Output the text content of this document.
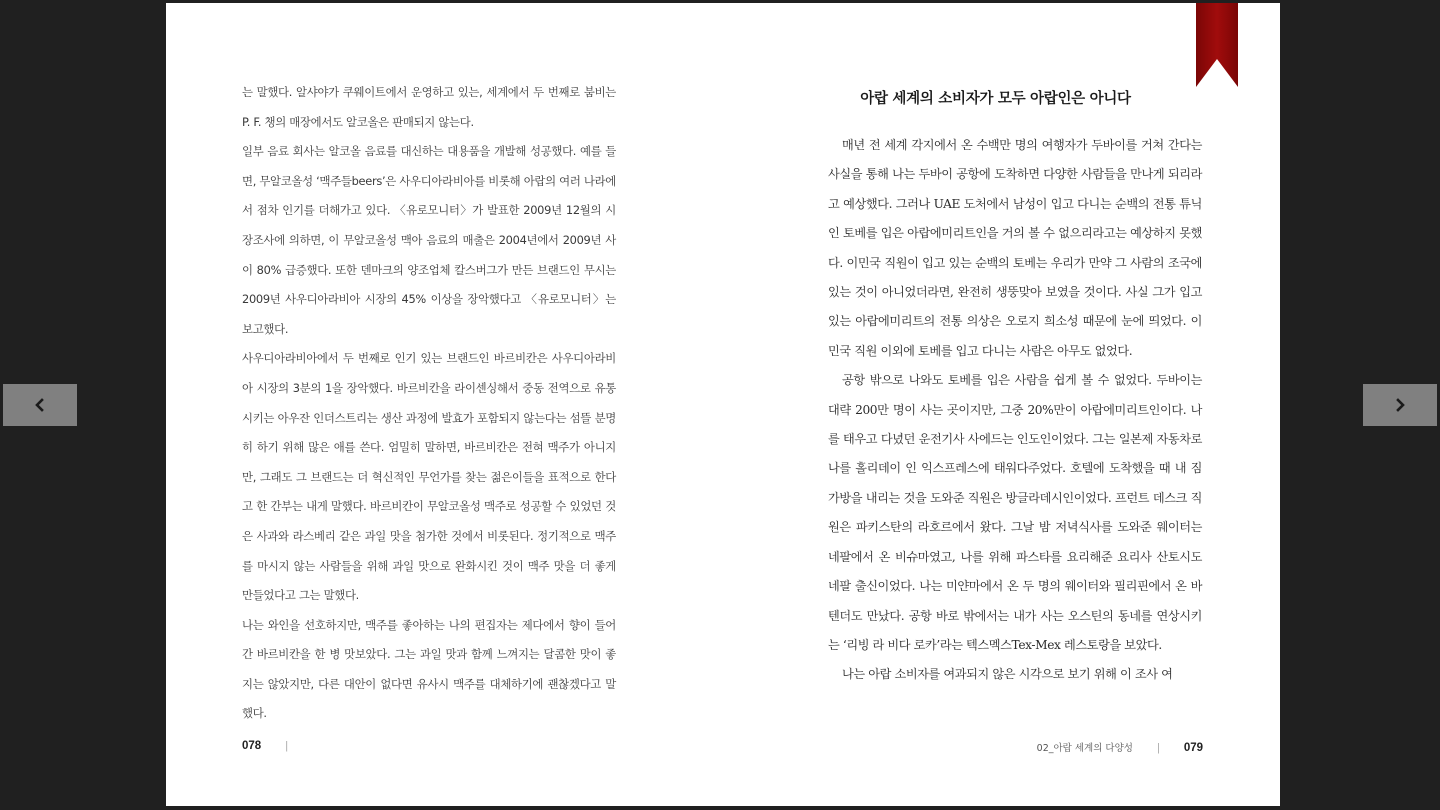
는 말했다. 알샤야가 쿠웨이트에서 운영하고 있는, 세계에서 두 번째로 붐비는 P. F. 챙의 매장에서도 알코올은 판매되지 않는다.

일부 음료 회사는 알코올 음료를 대신하는 대용품을 개발해 성공했다. 예를 들면, 무알코올성 ‘맥주들beers’은 사우디아라비아를 비롯해 아랍의 여러 나라에서 점차 인기를 더해가고 있다. 〈유로모니터〉가 발표한 2009년 12월의 시장조사에 의하면, 이 무알코올성 맥아 음료의 매출은 2004년에서 2009년 사이 80% 급증했다. 또한 덴마크의 양조업체 칼스버그가 만든 브랜드인 무시는 2009년 사우디아라비아 시장의 45% 이상을 장악했다고 〈유로모니터〉는 보고했다.

사우디아라비아에서 두 번째로 인기 있는 브랜드인 바르비칸은 사우디아라비아 시장의 3분의 1을 장악했다. 바르비칸을 라이센싱해서 중동 전역으로 유통시키는 아우잔 인더스트리는 생산 과정에 발효가 포함되지 않는다는 섬뜰 분명히 하기 위해 많은 애를 쓴다. 엄밀히 말하면, 바르비칸은 전혀 맥주가 아니지만, 그래도 그 브랜드는 더 혁신적인 무언가를 찾는 젊은이들을 표적으로 한다고 한 간부는 내게 말했다. 바르비칸이 무알코올성 맥주로 성공할 수 있었던 것은 사과와 라스베리 같은 과일 맛을 첨가한 것에서 비롯된다. 정기적으로 맥주를 마시지 않는 사람들을 위해 과일 맛으로 완화시킨 것이 맥주 맛을 더 좋게 만들었다고 그는 말했다.

나는 와인을 선호하지만, 맥주를 좋아하는 나의 편집자는 제다에서 향이 들어간 바르비칸을 한 병 맛보았다. 그는 과일 맛과 함께 느껴지는 달콤한 맛이 좋지는 않았지만, 다른 대안이 없다면 유사시 맥주를 대체하기에 괜찮겠다고 말했다.

078 |
아랍 세계의 소비자가 모두 아랍인은 아니다

매년 전 세계 각지에서 온 수백만 명의 여행자가 두바이를 거쳐 간다는 사실을 통해 나는 두바이 공항에 도착하면 다양한 사람들을 만나게 되리라고 예상했다. 그러나 UAE 도처에서 남성이 입고 다니는 순백의 전통 튜닉인 토베를 입은 아랍에미리트인을 거의 볼 수 없으리라고는 예상하지 못했다. 이민국 직원이 입고 있는 순백의 토베는 우리가 만약 그 사람의 조국에 있는 것이 아니었더라면, 완전히 생뚱맞아 보였을 것이다. 사실 그가 입고 있는 아랍에미리트의 전통 의상은 오로지 희소성 때문에 눈에 띄었다. 이민국 직원 이외에 토베를 입고 다니는 사람은 아무도 없었다.

공항 밖으로 나와도 토베를 입은 사람을 쉽게 볼 수 없었다. 두바이는 대략 200만 명이 사는 곳이지만, 그중 20%만이 아랍에미리트인이다. 나를 태우고 다녔던 운전기사 사에드는 인도인이었다. 그는 일본제 자동차로 나를 홀리데이 인 익스프레스에 태워다주었다. 호텔에 도착했을 때 내 짐가방을 내리는 것을 도와준 직원은 방글라데시인이었다. 프런트 데스크 직원은 파키스탄의 라호르에서 왔다. 그날 밤 저녁식사를 도와준 웨이터는 네팔에서 온 비슈마였고, 나를 위해 파스타를 요리해준 요리사 산토시도 네팔 출신이었다. 나는 미얀마에서 온 두 명의 웨이터와 필리핀에서 온 바텐더도 만났다. 공항 바로 밖에서는 내가 사는 오스틴의 동네를 연상시키는 ‘리빙 라 비다 로카’라는 텍스멕스Tex-Mex 레스토랑을 보았다.

나는 아랍 소비자를 여과되지 않은 시각으로 보기 위해 이 조사 여

02_아랍 세계의 다양성 | 079
